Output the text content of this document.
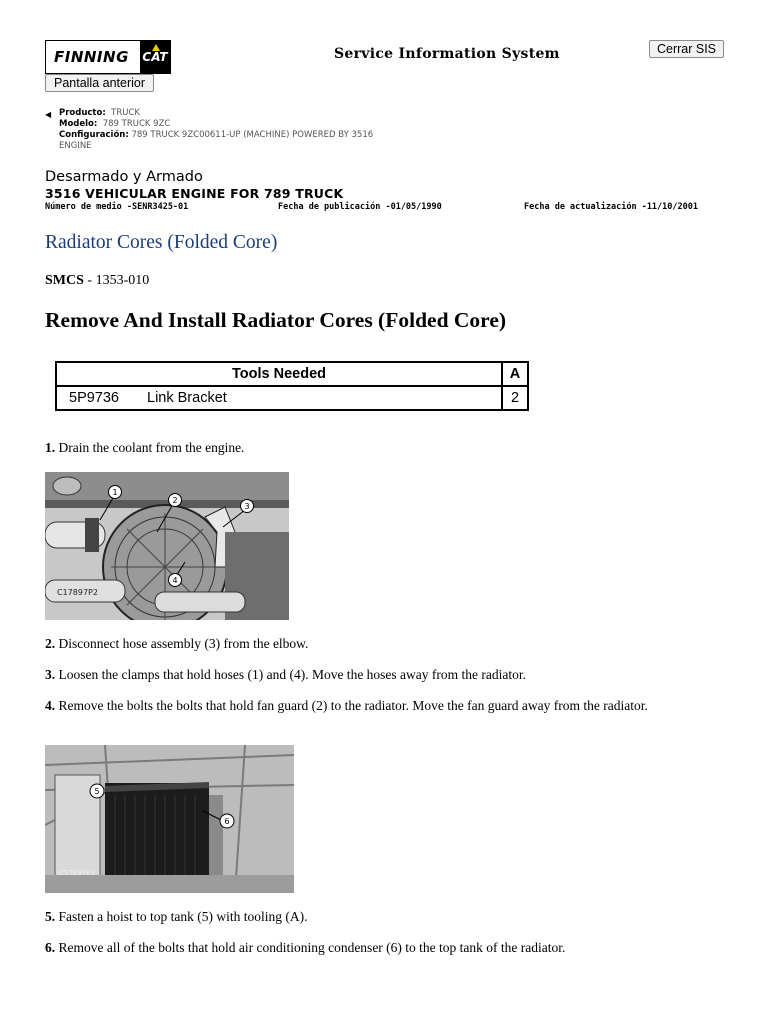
FINNING CAT	Service Information System	Cerrar SIS
Pantalla anterior
◀ Producto: TRUCK
Modelo: 789 TRUCK 9ZC
Configuración: 789 TRUCK 9ZC00611-UP (MACHINE) POWERED BY 3516
ENGINE
Desarmado y Armado
3516 VEHICULAR ENGINE FOR 789 TRUCK
Número de medio -SENR3425-01	Fecha de publicación -01/05/1990	Fecha de actualización -11/10/2001
Radiator Cores (Folded Core)
SMCS - 1353-010
Remove And Install Radiator Cores (Folded Core)
Tools Needed	A
5P9736 Link Bracket	2
1. Drain the coolant from the engine.
1
2
3
4
C17897P2
2. Disconnect hose assembly (3) from the elbow.
3. Loosen the clamps that hold hoses (1) and (4). Move the hoses away from the radiator.
4. Remove the bolts the bolts that hold fan guard (2) to the radiator. Move the fan guard away from the radiator.
5
6
C17897P3
5. Fasten a hoist to top tank (5) with tooling (A).
6. Remove all of the bolts that hold air conditioning condenser (6) to the top tank of the radiator.
